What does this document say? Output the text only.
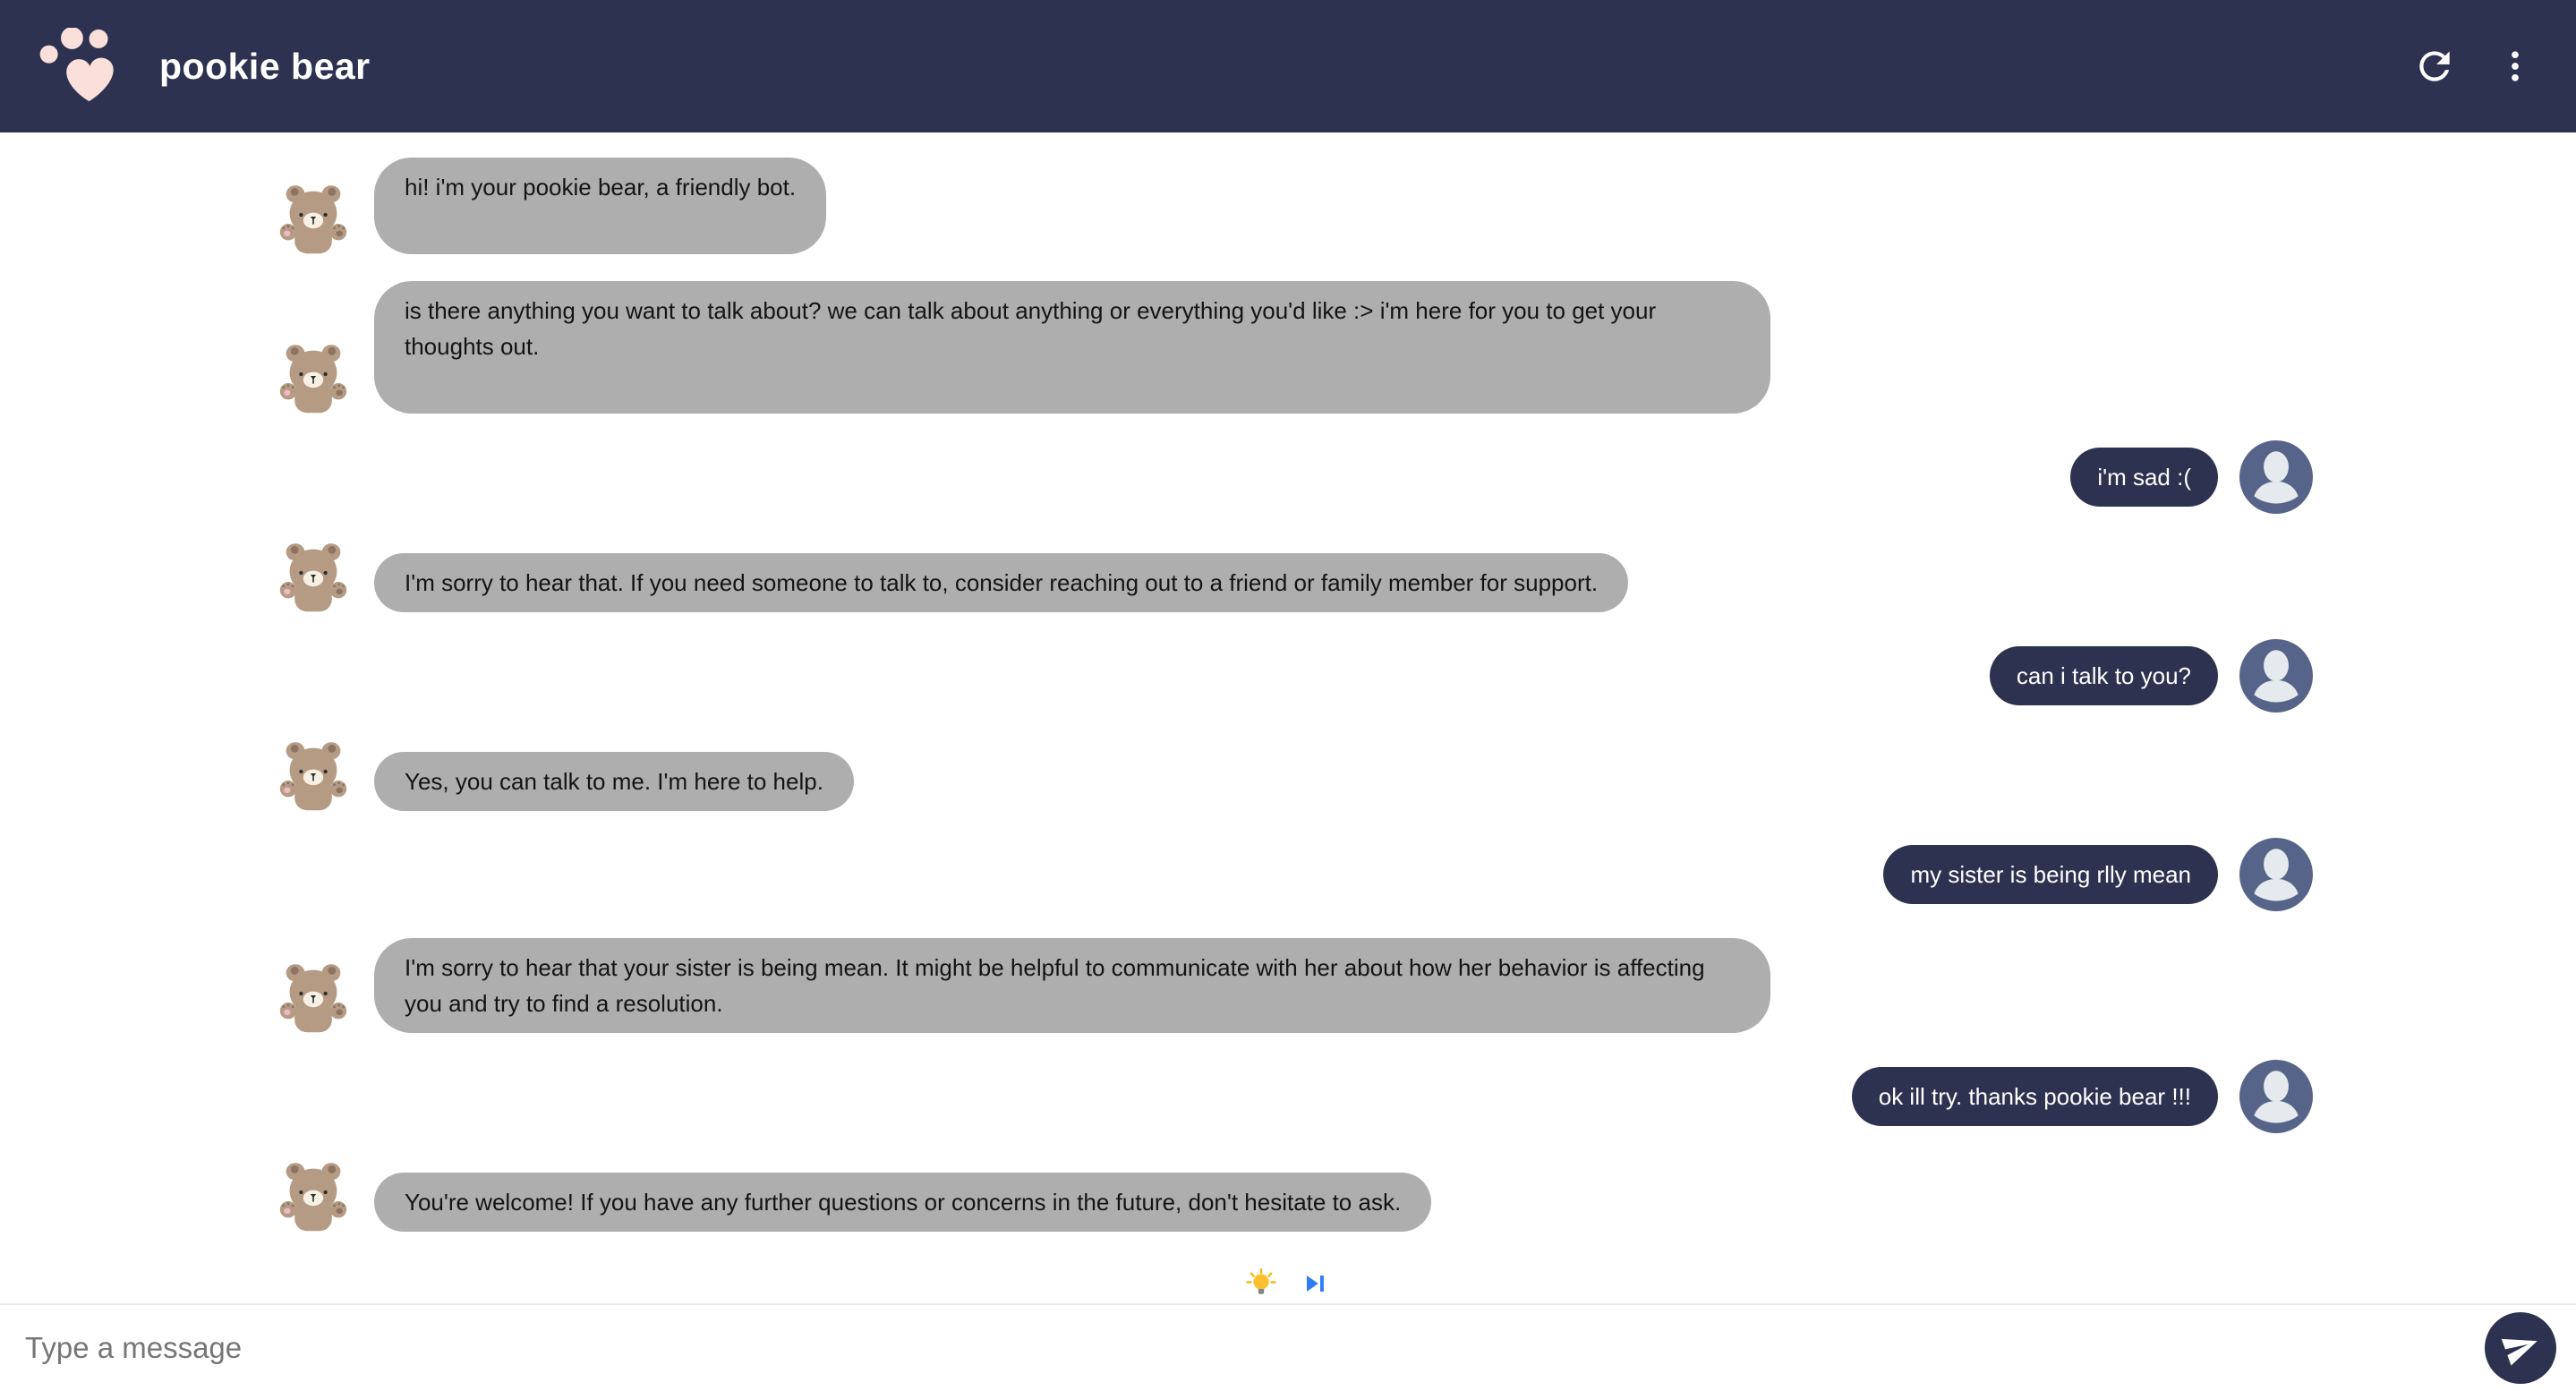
pookie bear
hi! i'm your pookie bear, a friendly bot.
is there anything you want to talk about? we can talk about anything or everything you'd like :> i'm here for you to get your thoughts out.
i'm sad :(
I'm sorry to hear that. If you need someone to talk to, consider reaching out to a friend or family member for support.
can i talk to you?
Yes, you can talk to me. I'm here to help.
my sister is being rlly mean
I'm sorry to hear that your sister is being mean. It might be helpful to communicate with her about how her behavior is affecting you and try to find a resolution.
ok ill try. thanks pookie bear !!!
You're welcome! If you have any further questions or concerns in the future, don't hesitate to ask.
Type a message
